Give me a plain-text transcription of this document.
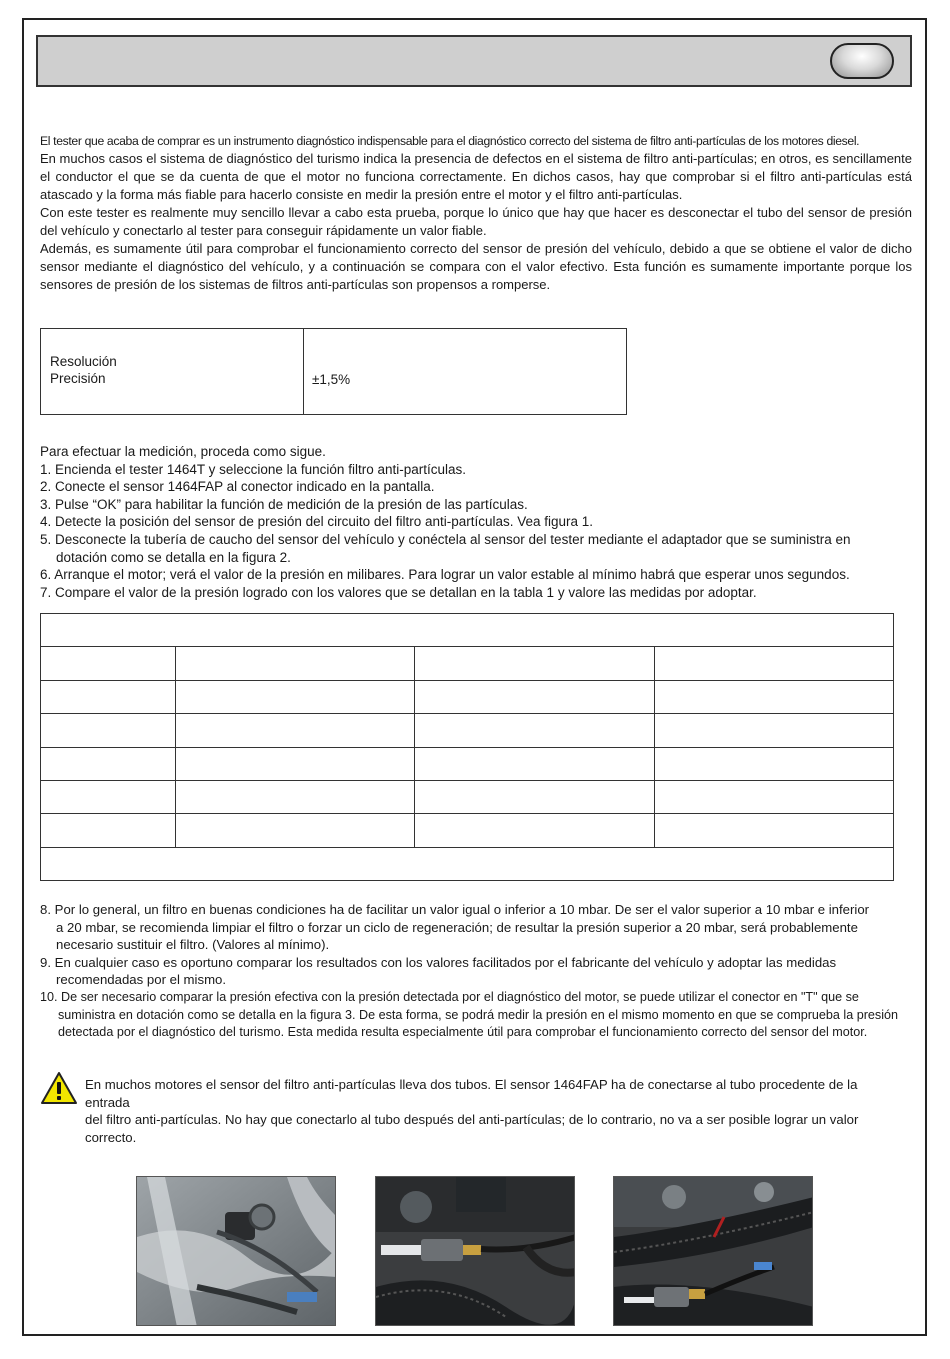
El tester que acaba de comprar es un instrumento diagnóstico indispensable para el diagnóstico correcto del sistema de filtro anti-partículas de los motores diesel.

En muchos casos el sistema de diagnóstico del turismo indica la presencia de defectos en el sistema de filtro anti-partículas; en otros, es sencillamente el conductor el que se da cuenta de que el motor no funciona correctamente. En dichos casos, hay que comprobar si el filtro anti-partículas está atascado y la forma más fiable para hacerlo consiste en medir la presión entre el motor y el filtro anti-partículas.

Con este tester es realmente muy sencillo llevar a cabo esta prueba, porque lo único que hay que hacer es desconectar el tubo del sensor de presión del vehículo y conectarlo al tester para conseguir rápidamente un valor fiable.

Además, es sumamente útil para comprobar el funcionamiento correcto del sensor de presión del vehículo, debido a que se obtiene el valor de dicho sensor mediante el diagnóstico del vehículo, y a continuación se compara con el valor efectivo. Esta función es sumamente importante porque los sensores de presión de los sistemas de filtros anti-partículas son propensos a romperse.

Resolución
Precisión	±1,5%

Para efectuar la medición, proceda como sigue.

1. Encienda el tester 1464T y seleccione la función filtro anti-partículas.

2. Conecte el sensor 1464FAP al conector indicado en la pantalla.

3. Pulse “OK” para habilitar la función de medición de la presión de las partículas.

4. Detecte la posición del sensor de presión del circuito del filtro anti-partículas. Vea figura 1.

5. Desconecte la tubería de caucho del sensor del vehículo y conéctela al sensor del tester mediante el adaptador que se suministra en

dotación como se detalla en la figura 2.

6. Arranque el motor; verá el valor de la presión en milibares. Para lograr un valor estable al mínimo habrá que esperar unos segundos.

7. Compare el valor de la presión logrado con los valores que se detallan en la tabla 1 y valore las medidas por adoptar.

8. Por lo general, un filtro en buenas condiciones ha de facilitar un valor igual o inferior a 10 mbar. De ser el valor superior a 10 mbar e inferior

a 20 mbar, se recomienda limpiar el filtro o forzar un ciclo de regeneración; de resultar la presión superior a 20 mbar, será probablemente

necesario sustituir el filtro. (Valores al mínimo).

9. En cualquier caso es oportuno comparar los resultados con los valores facilitados por el fabricante del vehículo y adoptar las medidas

recomendadas por el mismo.

10. De ser necesario comparar la presión efectiva con la presión detectada por el diagnóstico del motor, se puede utilizar el conector en "T" que se

suministra en dotación como se detalla en la figura 3. De esta forma, se podrá medir la presión en el mismo momento en que se comprueba la presión

detectada por el diagnóstico del turismo. Esta medida resulta especialmente útil para comprobar el funcionamiento correcto del sensor del motor.

En muchos motores el sensor del filtro anti-partículas lleva dos tubos. El sensor 1464FAP ha de conectarse al tubo procedente de la entrada

del filtro anti-partículas. No hay que conectarlo al tubo después del anti-partículas; de lo contrario, no va a ser posible lograr un valor correcto.
